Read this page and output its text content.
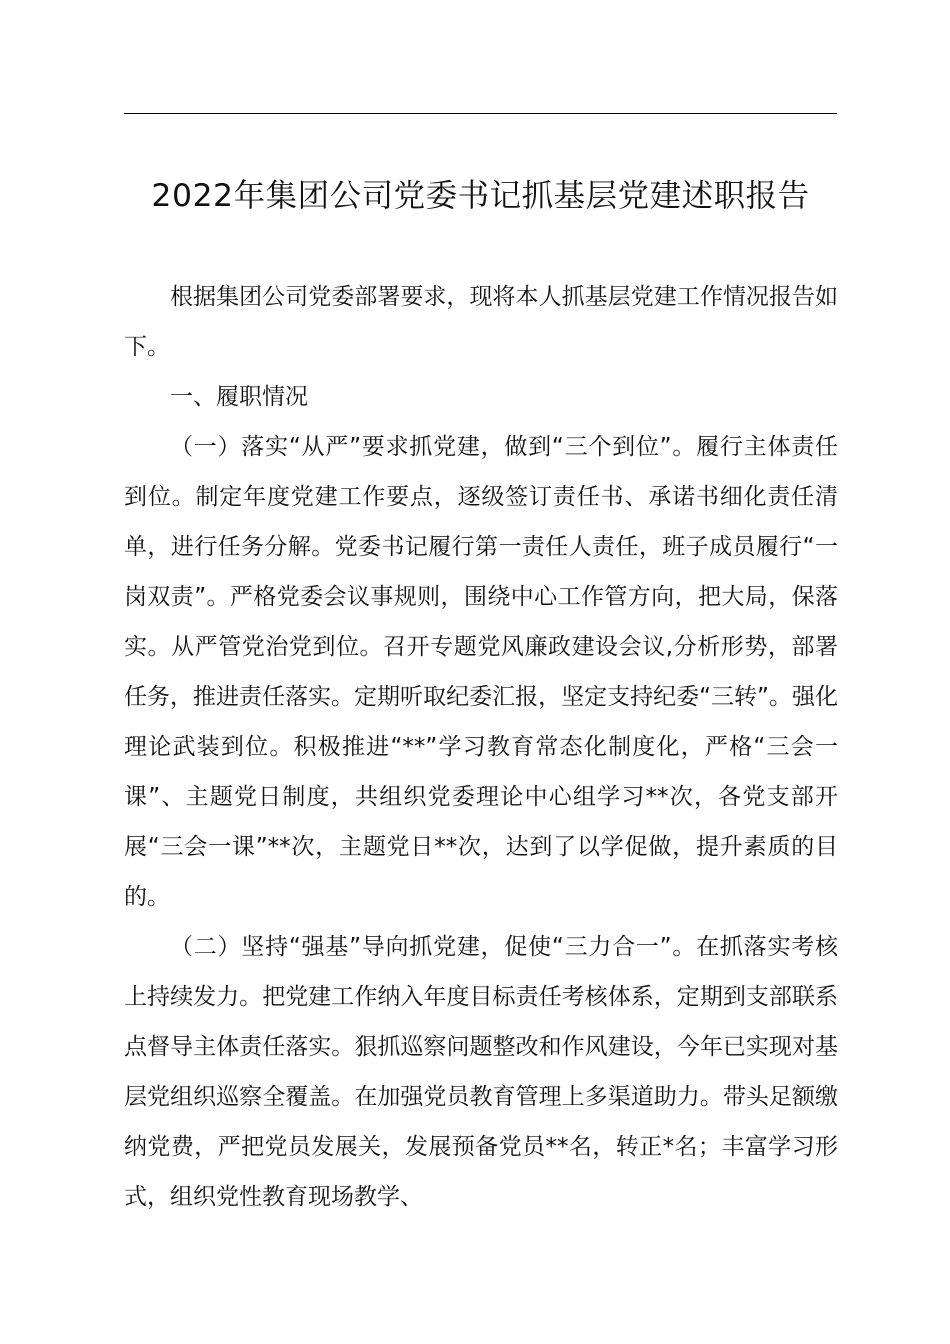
2022年集团公司党委书记抓基层党建述职报告

根据集团公司党委部署要求，现将本人抓基层党建工作情况报告如下。

一、履职情况

（一）落实“从严”要求抓党建，做到“三个到位”。履行主体责任到位。制定年度党建工作要点，逐级签订责任书、承诺书细化责任清单，进行任务分解。党委书记履行第一责任人责任，班子成员履行“一岗双责”。严格党委会议事规则，围绕中心工作管方向，把大局，保落实。从严管党治党到位。召开专题党风廉政建设会议,分析形势，部署任务，推进责任落实。定期听取纪委汇报，坚定支持纪委“三转”。强化理论武装到位。积极推进“**”学习教育常态化制度化，严格“三会一课”、主题党日制度，共组织党委理论中心组学习**次，各党支部开展“三会一课”**次，主题党日**次，达到了以学促做，提升素质的目的。

（二）坚持“强基”导向抓党建，促使“三力合一”。在抓落实考核上持续发力。把党建工作纳入年度目标责任考核体系，定期到支部联系点督导主体责任落实。狠抓巡察问题整改和作风建设，今年已实现对基层党组织巡察全覆盖。在加强党员教育管理上多渠道助力。带头足额缴纳党费，严把党员发展关，发展预备党员**名，转正*名；丰富学习形式，组织党性教育现场教学、
